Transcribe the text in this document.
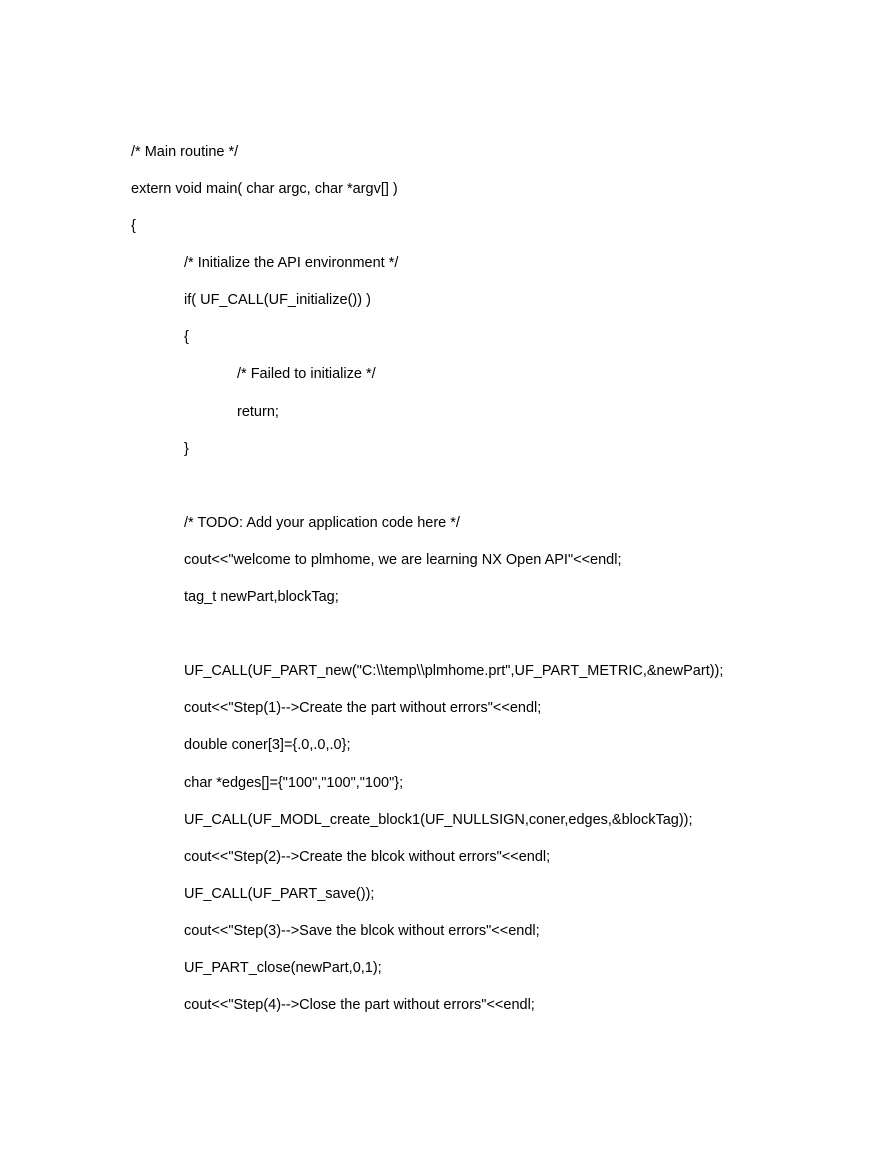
/* Main routine */
extern void main( char argc, char *argv[] )
{
/* Initialize the API environment */
if( UF_CALL(UF_initialize()) )
{
/* Failed to initialize */
return;
}
/* TODO: Add your application code here */
cout<<"welcome to plmhome, we are learning NX Open API"<<endl;
tag_t newPart,blockTag;
UF_CALL(UF_PART_new("C:\\temp\\plmhome.prt",UF_PART_METRIC,&newPart));
cout<<"Step(1)-->Create the part without errors"<<endl;
double coner[3]={.0,.0,.0};
char *edges[]={"100","100","100"};
UF_CALL(UF_MODL_create_block1(UF_NULLSIGN,coner,edges,&blockTag));
cout<<"Step(2)-->Create the blcok without errors"<<endl;
UF_CALL(UF_PART_save());
cout<<"Step(3)-->Save the blcok without errors"<<endl;
UF_PART_close(newPart,0,1);
cout<<"Step(4)-->Close the part without errors"<<endl;
